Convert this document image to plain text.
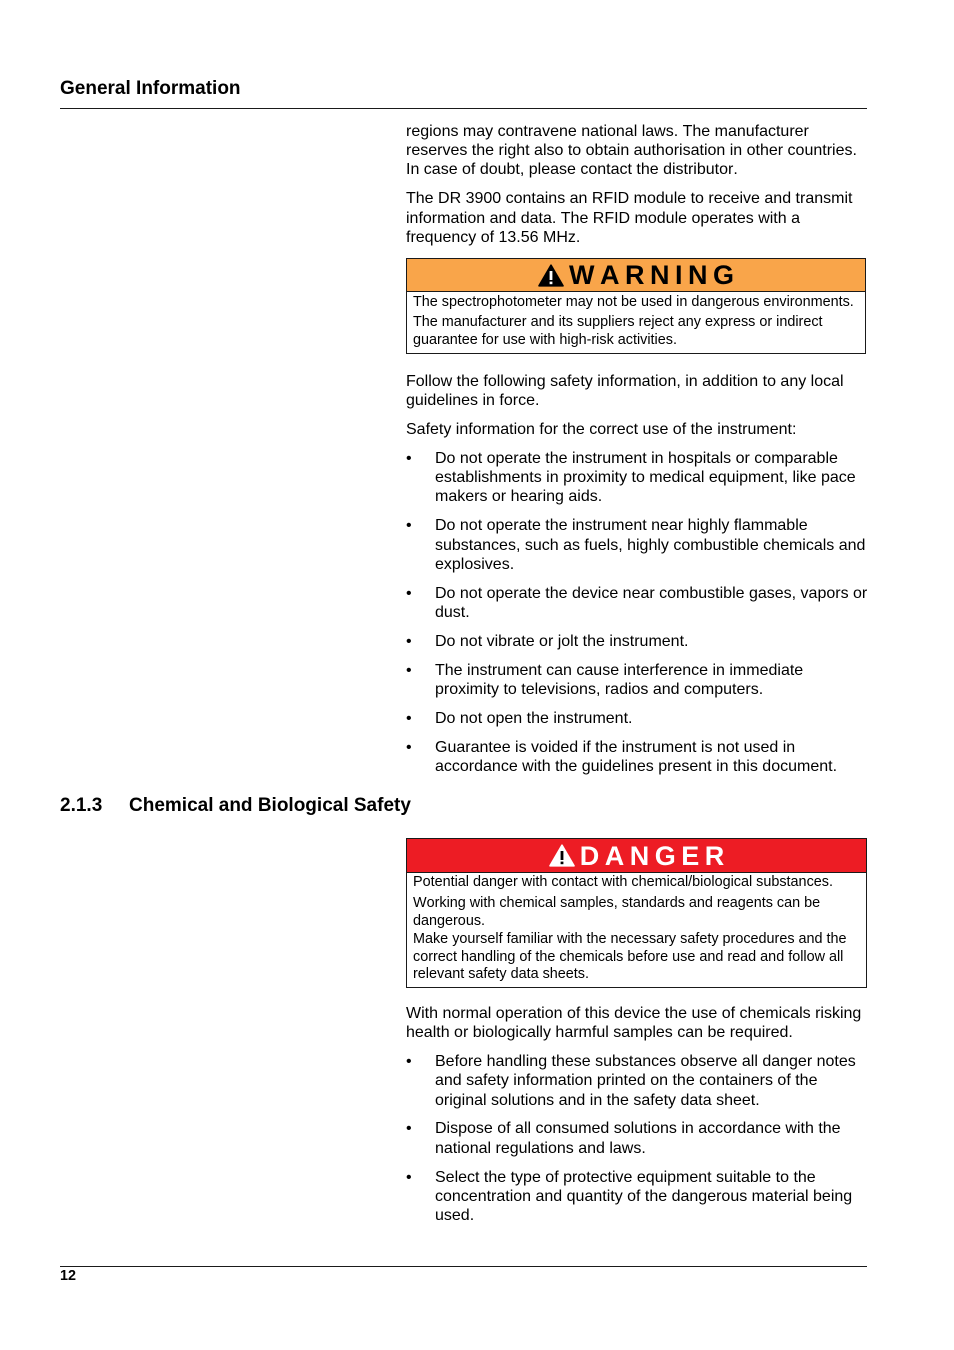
General Information

regions may contravene national laws. The manufacturer reserves the right also to obtain authorisation in other countries. In case of doubt, please contact the distributor.

The DR 3900 contains an RFID module to receive and transmit information and data. The RFID module operates with a frequency of 13.56 MHz.

WARNING

The spectrophotometer may not be used in dangerous environments.

The manufacturer and its suppliers reject any express or indirect guarantee for use with high-risk activities.

Follow the following safety information, in addition to any local guidelines in force.

Safety information for the correct use of the instrument:

• Do not operate the instrument in hospitals or comparable establishments in proximity to medical equipment, like pace makers or hearing aids.
• Do not operate the instrument near highly flammable substances, such as fuels, highly combustible chemicals and explosives.
• Do not operate the device near combustible gases, vapors or dust.
• Do not vibrate or jolt the instrument.
• The instrument can cause interference in immediate proximity to televisions, radios and computers.
• Do not open the instrument.
• Guarantee is voided if the instrument is not used in accordance with the guidelines present in this document.
2.1.3 Chemical and Biological Safety
DANGER

Potential danger with contact with chemical/biological substances.

Working with chemical samples, standards and reagents can be dangerous.

Make yourself familiar with the necessary safety procedures and the correct handling of the chemicals before use and read and follow all relevant safety data sheets.

With normal operation of this device the use of chemicals risking health or biologically harmful samples can be required.

• Before handling these substances observe all danger notes and safety information printed on the containers of the original solutions and in the safety data sheet.
• Dispose of all consumed solutions in accordance with the national regulations and laws.
• Select the type of protective equipment suitable to the concentration and quantity of the dangerous material being used.
12
